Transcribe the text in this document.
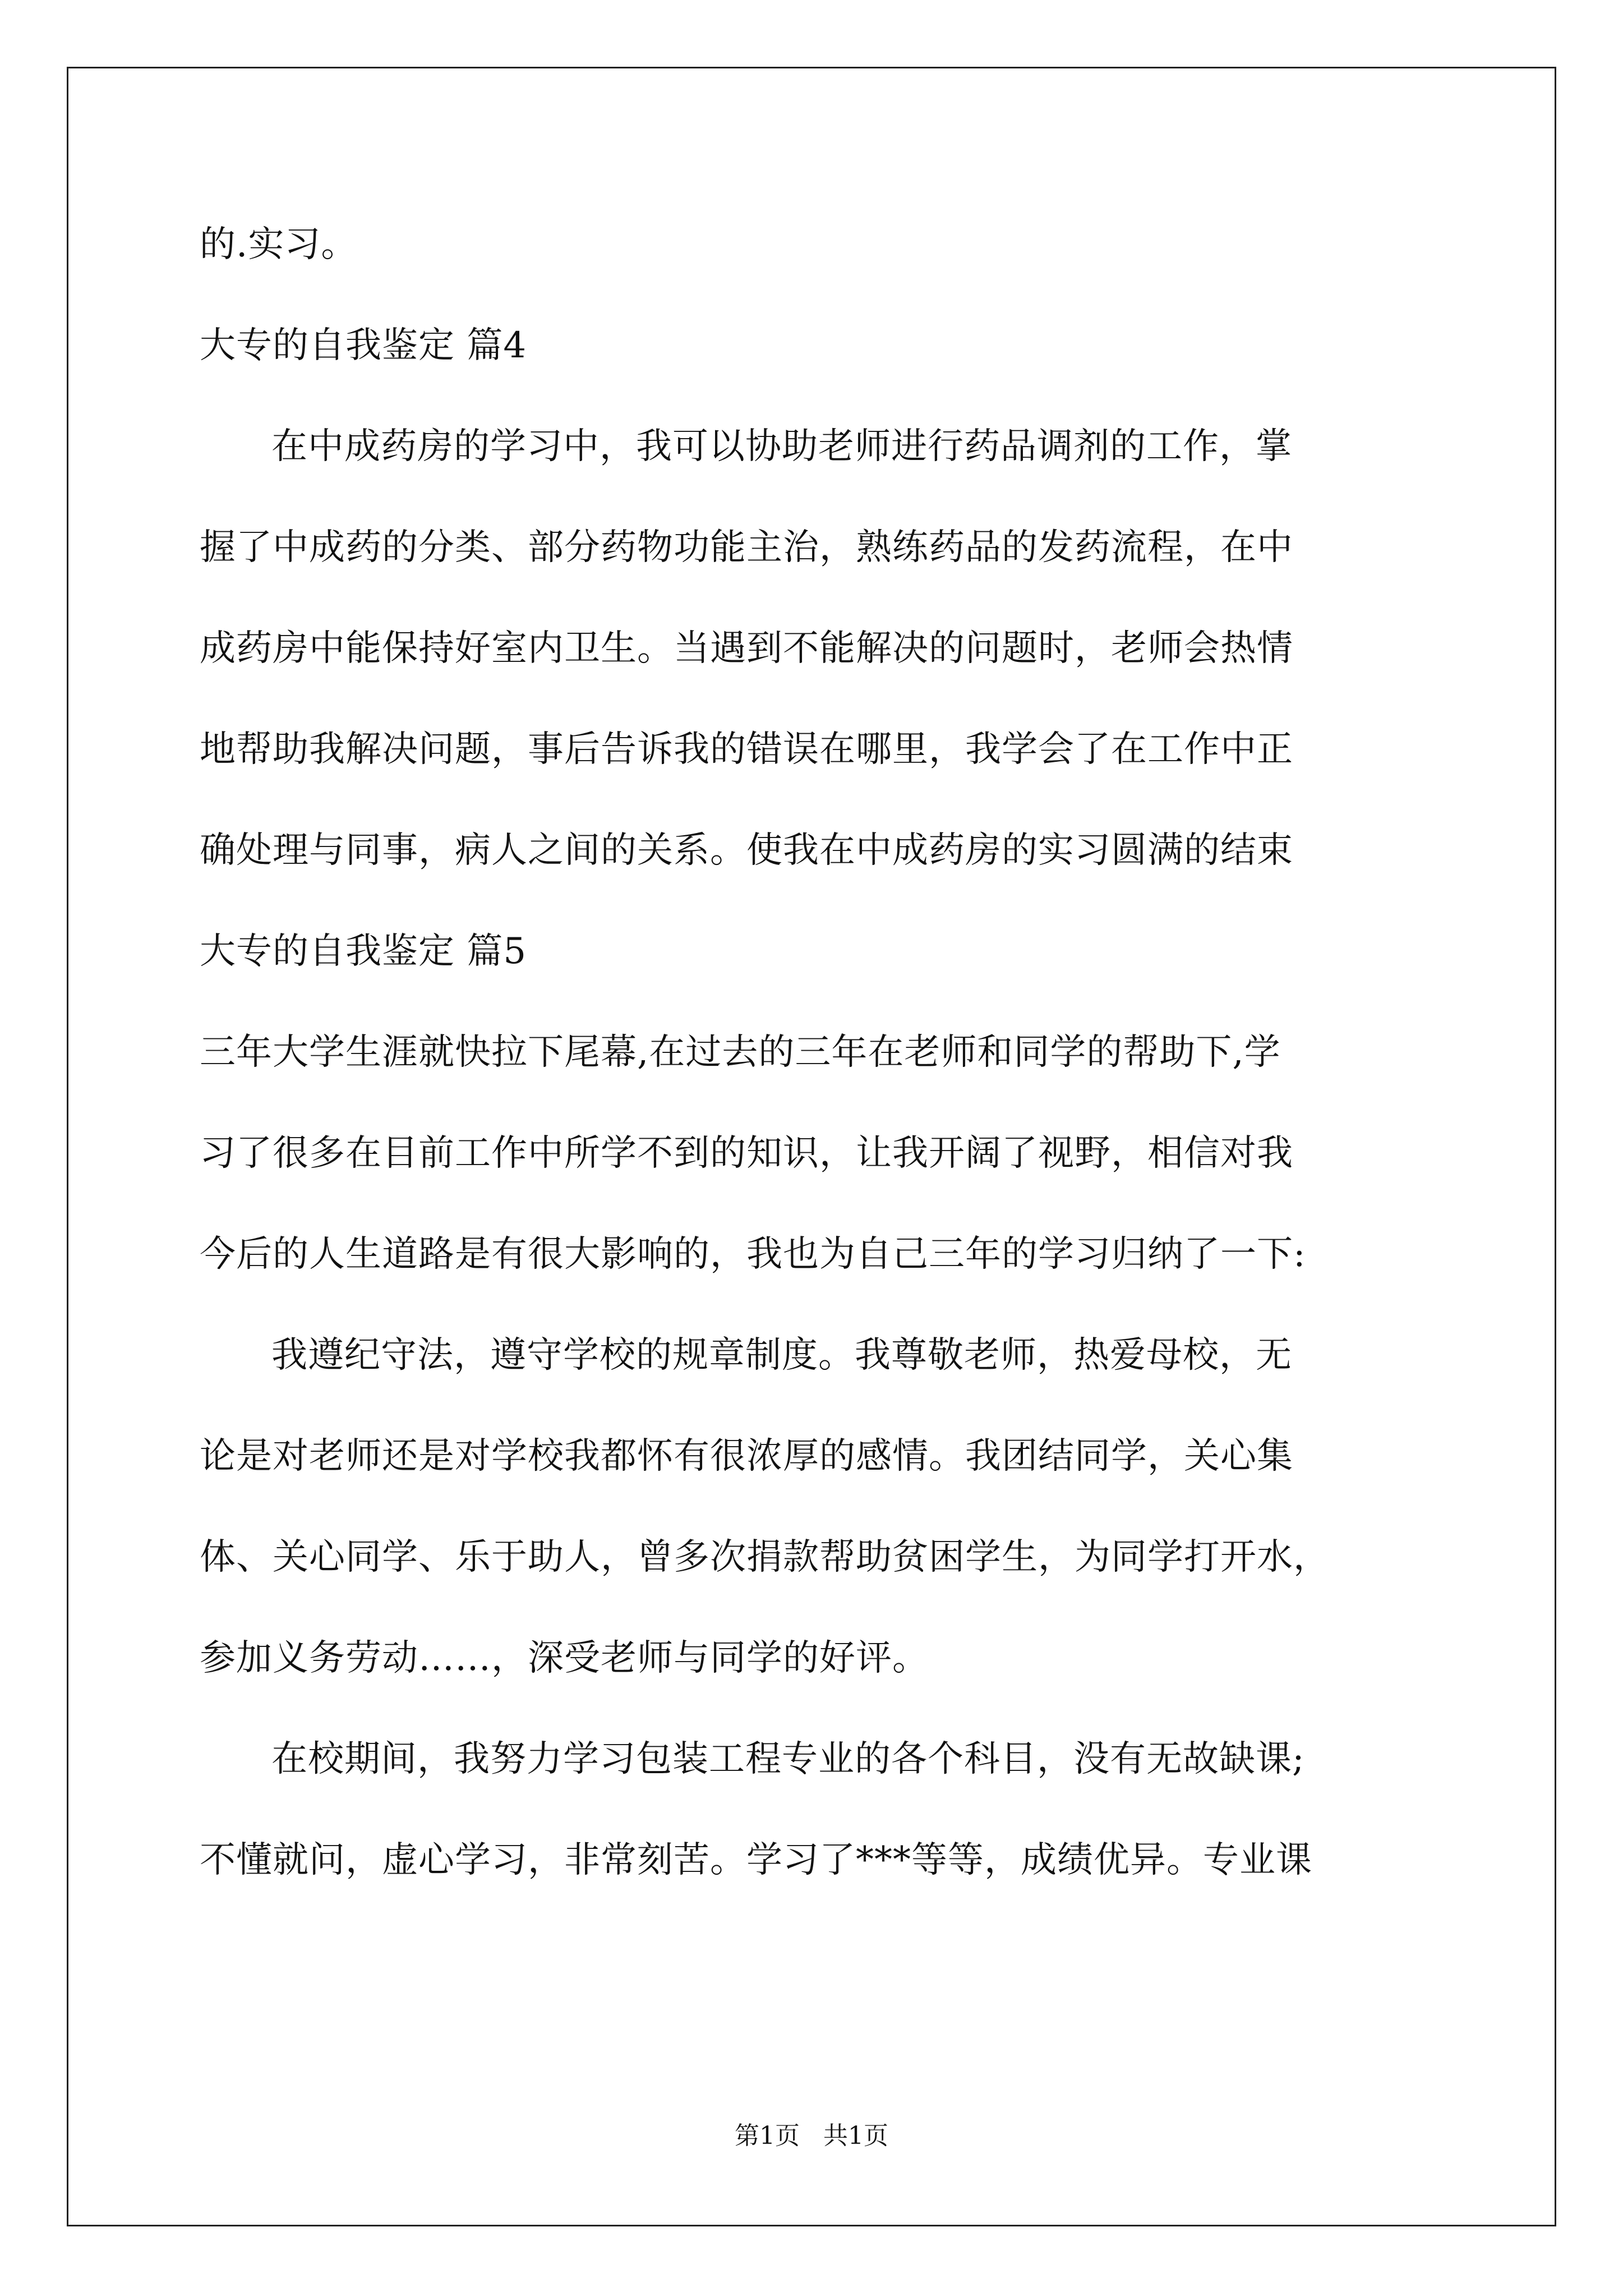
的.实习。
大专的自我鉴定 篇4
在中成药房的学习中，我可以协助老师进行药品调剂的工作，掌
握了中成药的分类、部分药物功能主治，熟练药品的发药流程，在中
成药房中能保持好室内卫生。当遇到不能解决的问题时，老师会热情
地帮助我解决问题，事后告诉我的错误在哪里，我学会了在工作中正
确处理与同事，病人之间的关系。使我在中成药房的实习圆满的结束
大专的自我鉴定 篇5
三年大学生涯就快拉下尾幕,在过去的三年在老师和同学的帮助下,学
习了很多在目前工作中所学不到的知识，让我开阔了视野，相信对我
今后的人生道路是有很大影响的，我也为自己三年的学习归纳了一下:
我遵纪守法，遵守学校的规章制度。我尊敬老师，热爱母校，无
论是对老师还是对学校我都怀有很浓厚的感情。我团结同学，关心集
体、关心同学、乐于助人，曾多次捐款帮助贫困学生，为同学打开水，
参加义务劳动……，深受老师与同学的好评。
在校期间，我努力学习包装工程专业的各个科目，没有无故缺课;
不懂就问，虚心学习，非常刻苦。学习了***等等，成绩优异。专业课
第1页   共1页
